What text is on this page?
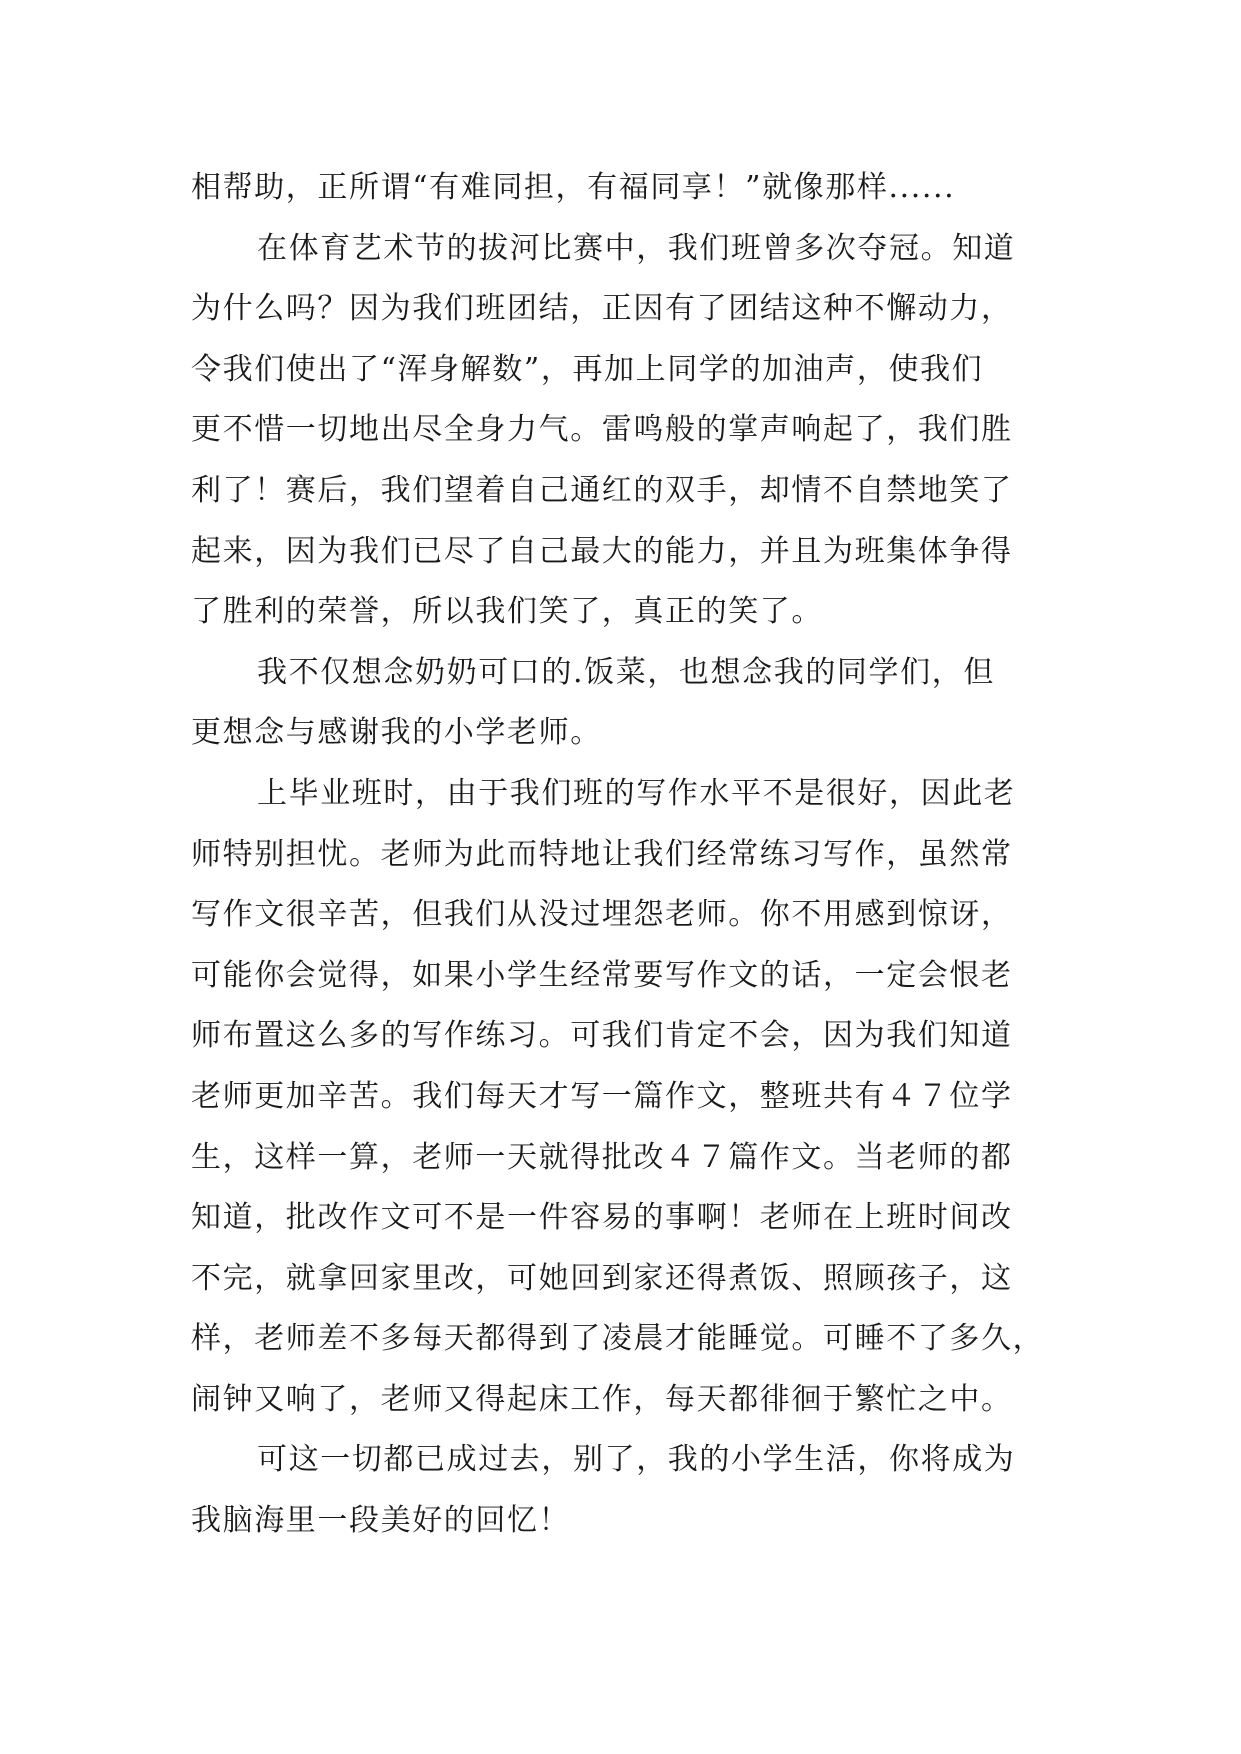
相帮助，正所谓“有难同担，有福同享！”就像那样......
在体育艺术节的拔河比赛中，我们班曾多次夺冠。知道
为什么吗？因为我们班团结，正因有了团结这种不懈动力，
令我们使出了“浑身解数”，再加上同学的加油声，使我们
更不惜一切地出尽全身力气。雷鸣般的掌声响起了，我们胜
利了！赛后，我们望着自己通红的双手，却情不自禁地笑了
起来，因为我们已尽了自己最大的能力，并且为班集体争得
了胜利的荣誉，所以我们笑了，真正的笑了。
我不仅想念奶奶可口的.饭菜，也想念我的同学们，但
更想念与感谢我的小学老师。
上毕业班时，由于我们班的写作水平不是很好，因此老
师特别担忧。老师为此而特地让我们经常练习写作，虽然常
写作文很辛苦，但我们从没过埋怨老师。你不用感到惊讶，
可能你会觉得，如果小学生经常要写作文的话，一定会恨老
师布置这么多的写作练习。可我们肯定不会，因为我们知道
老师更加辛苦。我们每天才写一篇作文，整班共有４７位学
生，这样一算，老师一天就得批改４７篇作文。当老师的都
知道，批改作文可不是一件容易的事啊！老师在上班时间改
不完，就拿回家里改，可她回到家还得煮饭、照顾孩子，这
样，老师差不多每天都得到了凌晨才能睡觉。可睡不了多久，
闹钟又响了，老师又得起床工作，每天都徘徊于繁忙之中。
可这一切都已成过去，别了，我的小学生活，你将成为
我脑海里一段美好的回忆！
